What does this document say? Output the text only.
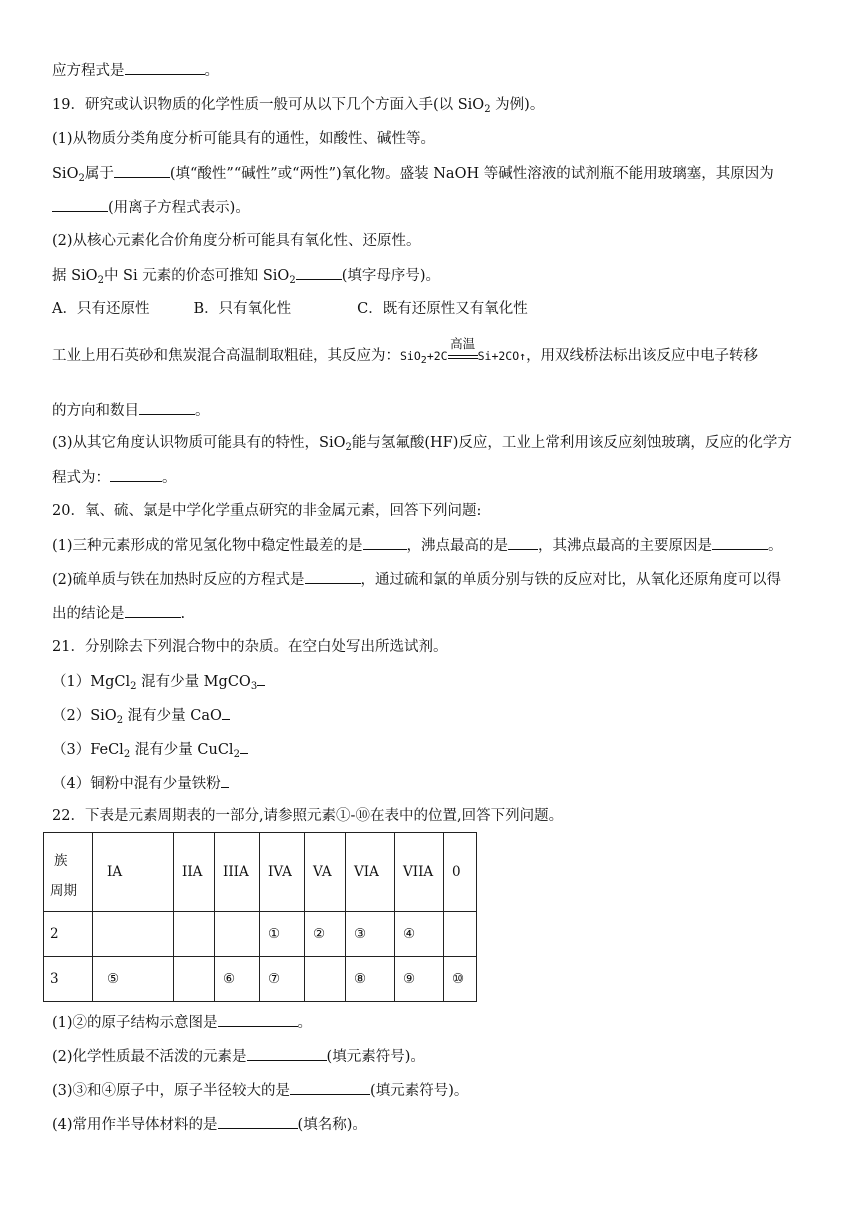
应方程式是	。
19．研究或认识物质的化学性质一般可从以下几个方面入手(以 SiO$_2$ 为例)。
(1)从物质分类角度分析可能具有的通性，如酸性、碱性等。
SiO$_2$属于	(填“酸性”“碱性”或“两性”)氧化物。盛装 NaOH 等碱性溶液的试剂瓶不能用玻璃塞，其原因为
(用离子方程式表示)。
(2)从核心元素化合价角度分析可能具有氧化性、还原性。
据 SiO$_2$中 Si 元素的价态可推知 SiO$_2$	(填字母序号)。
A．只有还原性	B．只有氧化性	C．既有还原性又有氧化性
工业上用石英砂和焦炭混合高温制取粗硅，其反应为：SiO$_2$+2C
高温
Si+2CO↑，用双线桥法标出该反应中电子转移
的方向和数目	。
(3)从其它角度认识物质可能具有的特性，SiO$_2$能与氢氟酸(HF)反应，工业上常利用该反应刻蚀玻璃，反应的化学方
程式为：	。
20．氧、硫、氯是中学化学重点研究的非金属元素，回答下列问题:
(1)三种元素形成的常见氢化物中稳定性最差的是	，沸点最高的是 ，其沸点最高的主要原因是	。
(2)硫单质与铁在加热时反应的方程式是	，通过硫和氯的单质分别与铁的反应对比，从氧化还原角度可以得
出的结论是	.
21．分别除去下列混合物中的杂质。在空白处写出所选试剂。
（1）MgCl$_2$ 混有少量 MgCO$_3$
（2）SiO$_2$ 混有少量 CaO
（3）FeCl$_2$ 混有少量 CuCl$_2$
（4）铜粉中混有少量铁粉
22．下表是元素周期表的一部分,请参照元素①-⑩在表中的位置,回答下列问题。
族
周期	ⅠA	IIA	IIIA	IVA	VA	VIA	VIIA	0
2				①	②	③	④	
3	⑤		⑥	⑦		⑧	⑨	⑩
(1)②的原子结构示意图是	。
(2)化学性质最不活泼的元素是	(填元素符号)。
(3)③和④原子中，原子半径较大的是	(填元素符号)。
(4)常用作半导体材料的是	(填名称)。
